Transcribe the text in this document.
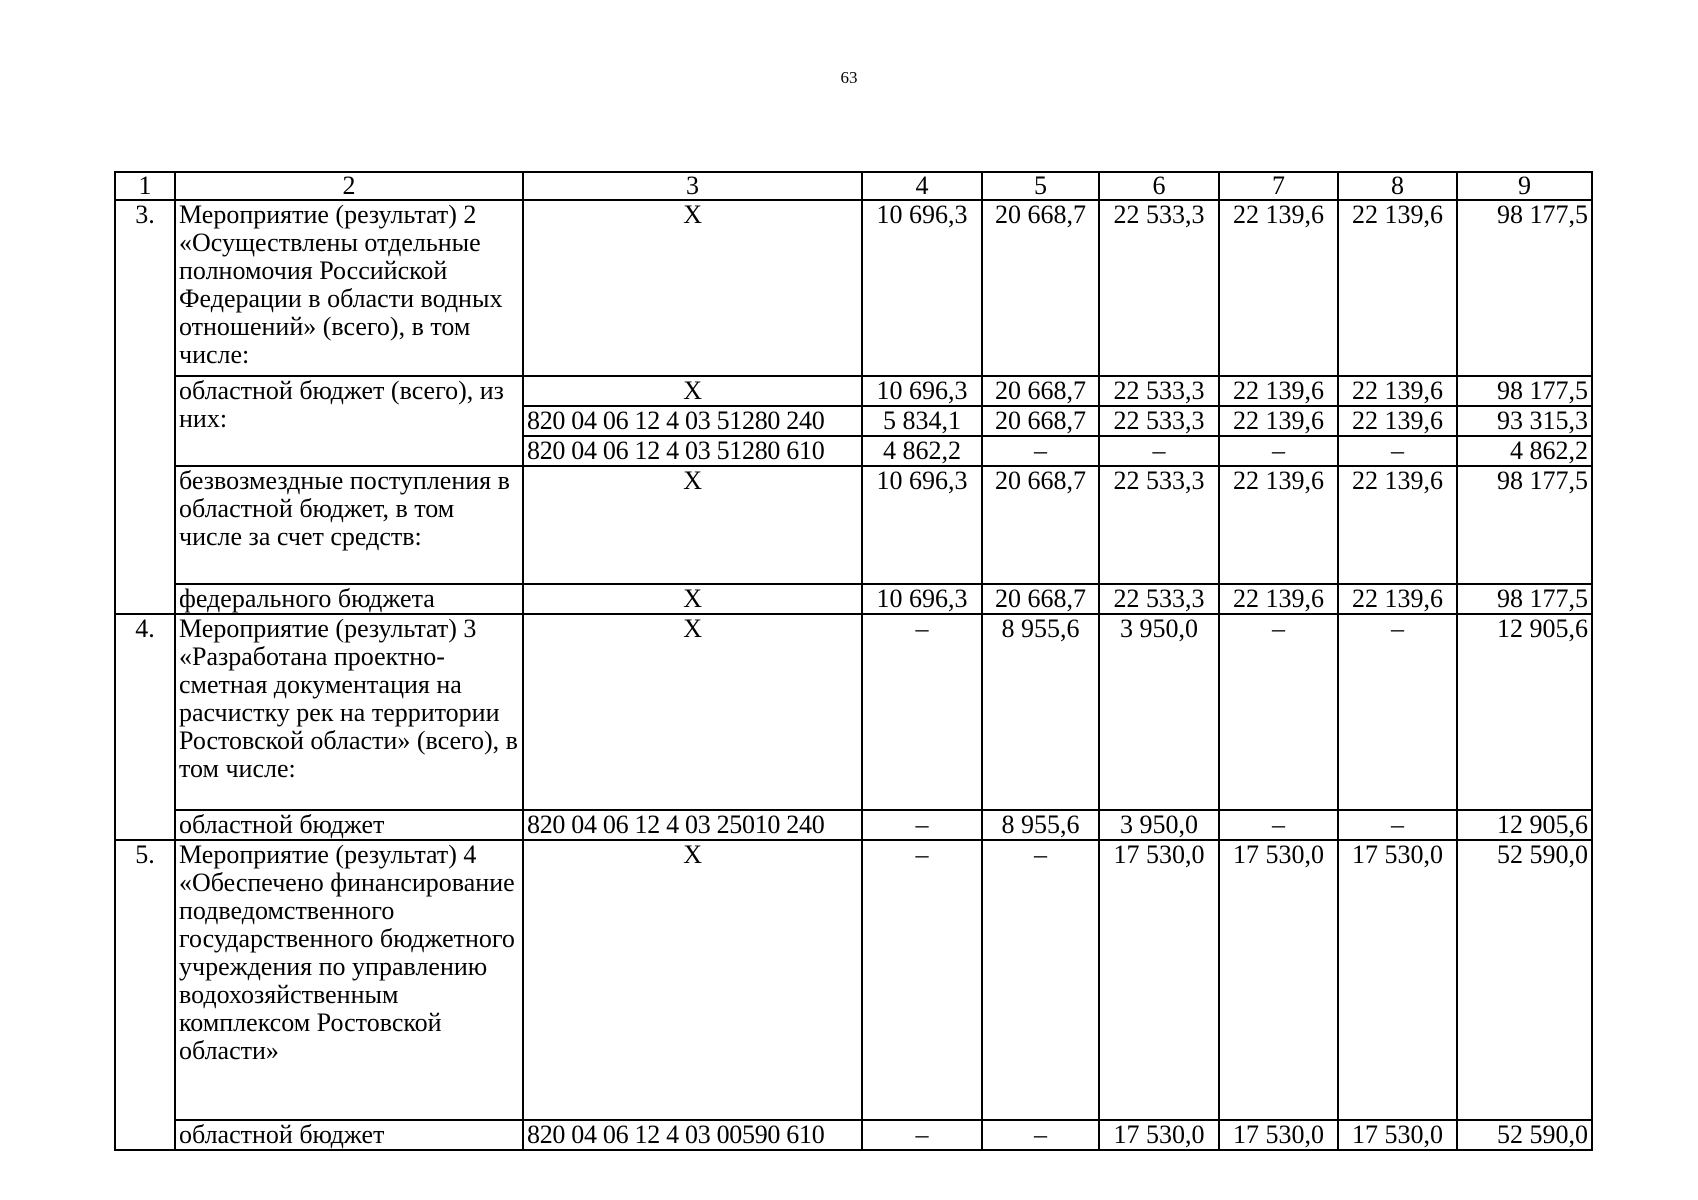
63
1	2	3	4	5	6	7	8	9
3.	Мероприятие (результат) 2 «Осуществлены отдельные полномочия Российской Федерации в области водных отношений» (всего), в том числе:	Х	10 696,3	20 668,7	22 533,3	22 139,6	22 139,6	98 177,5
	областной бюджет (всего), из них:	Х	10 696,3	20 668,7	22 533,3	22 139,6	22 139,6	98 177,5
		820 04 06 12 4 03 51280 240	5 834,1	20 668,7	22 533,3	22 139,6	22 139,6	93 315,3
		820 04 06 12 4 03 51280 610	4 862,2	–	–	–	–	4 862,2
	безвозмездные поступления в областной бюджет, в том числе за счет средств:	Х	10 696,3	20 668,7	22 533,3	22 139,6	22 139,6	98 177,5
	федерального бюджета	Х	10 696,3	20 668,7	22 533,3	22 139,6	22 139,6	98 177,5
4.	Мероприятие (результат) 3 «Разработана проектно-сметная документация на расчистку рек на территории Ростовской области» (всего), в том числе:	Х	–	8 955,6	3 950,0	–	–	12 905,6
	областной бюджет	820 04 06 12 4 03 25010 240	–	8 955,6	3 950,0	–	–	12 905,6
5.	Мероприятие (результат) 4 «Обеспечено финансирование подведомственного государственного бюджетного учреждения по управлению водохозяйственным комплексом Ростовской области»	Х	–	–	17 530,0	17 530,0	17 530,0	52 590,0
	областной бюджет	820 04 06 12 4 03 00590 610	–	–	17 530,0	17 530,0	17 530,0	52 590,0
